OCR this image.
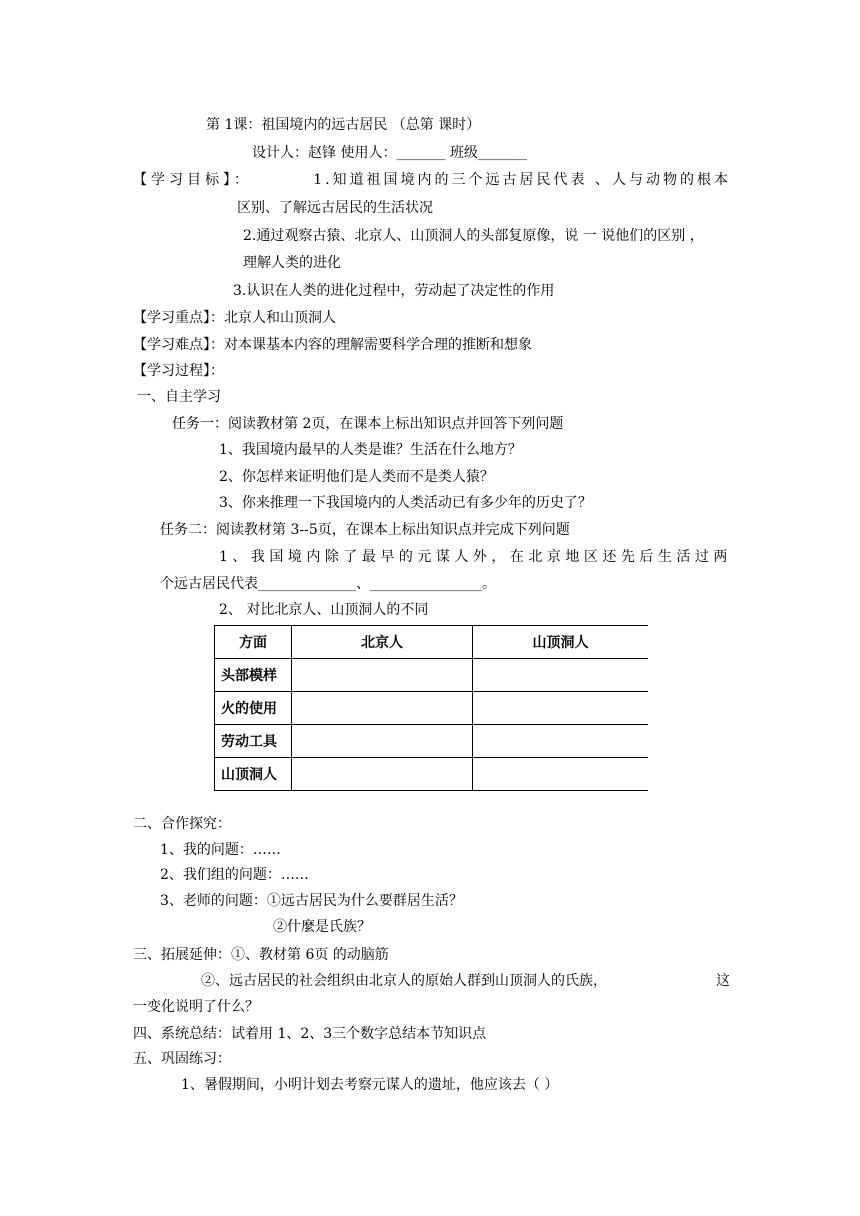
第 1课：祖国境内的远古居民 （总第 课时）
设计人：赵锋 使用人：_______ 班级_______
【学习目标】：	1.知道祖国境内的三个远古居民代表 、人与动物的根本
区别、了解远古居民的生活状况
2.通过观察古猿、北京人、山顶洞人的头部复原像，说 一 说他们的区别 ，
理解人类的进化
3.认识在人类的进化过程中，劳动起了决定性的作用
【学习重点】：北京人和山顶洞人
【学习难点】：对本课基本内容的理解需要科学合理的推断和想象
【学习过程】：
一、自主学习
任务一：阅读教材第 2页，在课本上标出知识点并回答下列问题
1、我国境内最早的人类是谁？生活在什么地方？
2、你怎样来证明他们是人类而不是类人猿？
3、你来推理一下我国境内的人类活动已有多少年的历史了？
任务二：阅读教材第 3--5页，在课本上标出知识点并完成下列问题
1、我国境内除了最早的元谋人外，在北京地区还先后生活过两
个远古居民代表______________、________________。
2、 对比北京人、山顶洞人的不同
方面	北京人	山顶洞人
头部模样		
火的使用		
劳动工具		
山顶洞人		
二、合作探究：
1、我的问题：……
2、我们组的问题：……
3、老师的问题：①远古居民为什么要群居生活？
②什麼是氏族？
三、拓展延伸：①、教材第 6页 的动脑筋
②、远古居民的社会组织由北京人的原始人群到山顶洞人的氏族，	这
一变化说明了什么？
四、系统总结：试着用 1、2、3三个数字总结本节知识点
五、巩固练习：
1、暑假期间，小明计划去考察元谋人的遗址，他应该去（ ）
